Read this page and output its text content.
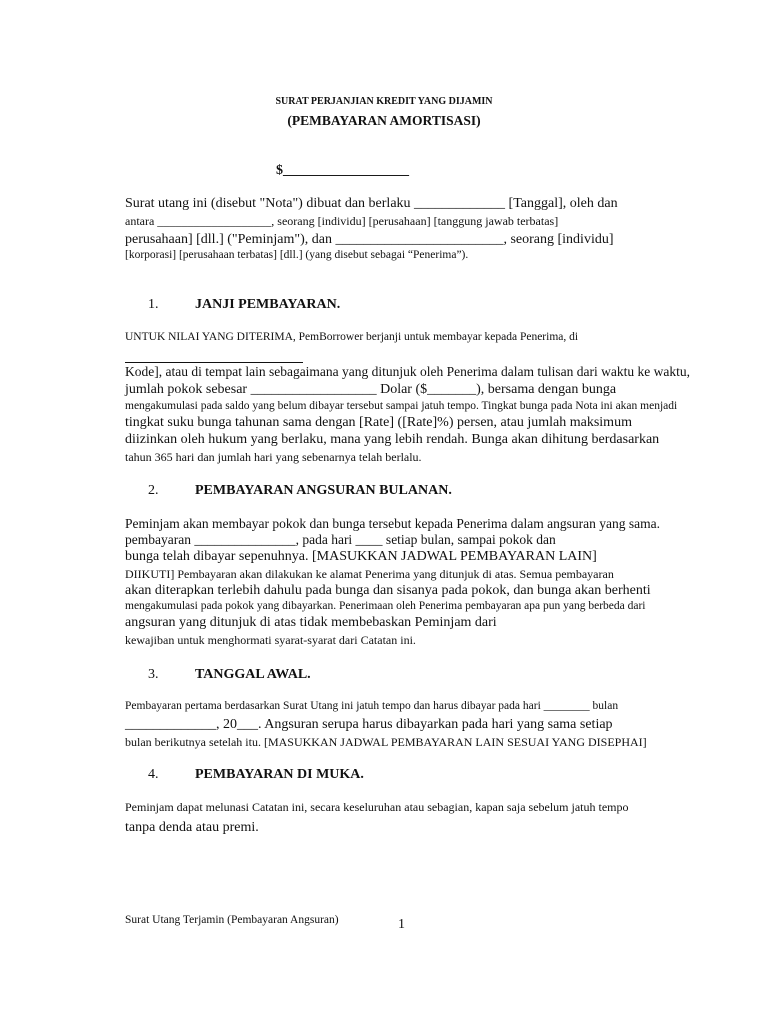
SURAT PERJANJIAN KREDIT YANG DIJAMIN
(PEMBAYARAN AMORTISASI)
$__________________
Surat utang ini (disebut "Nota") dibuat dan berlaku _____________ [Tanggal], oleh dan
antara ___________________, seorang [individu] [perusahaan] [tanggung jawab terbatas]
perusahaan] [dll.] ("Peminjam"), dan ________________________, seorang [individu]
[korporasi] [perusahaan terbatas] [dll.] (yang disebut sebagai “Penerima”).
1.	JANJI PEMBAYARAN.
UNTUK NILAI YANG DITERIMA, PemBorrower berjanji untuk membayar kepada Penerima, di
Kode], atau di tempat lain sebagaimana yang ditunjuk oleh Penerima dalam tulisan dari waktu ke waktu,
jumlah pokok sebesar __________________ Dolar ($_______), bersama dengan bunga
mengakumulasi pada saldo yang belum dibayar tersebut sampai jatuh tempo. Tingkat bunga pada Nota ini akan menjadi
tingkat suku bunga tahunan sama dengan [Rate] ([Rate]%) persen, atau jumlah maksimum
diizinkan oleh hukum yang berlaku, mana yang lebih rendah. Bunga akan dihitung berdasarkan
tahun 365 hari dan jumlah hari yang sebenarnya telah berlalu.
2.	PEMBAYARAN ANGSURAN BULANAN.
Peminjam akan membayar pokok dan bunga tersebut kepada Penerima dalam angsuran yang sama.
pembayaran _______________, pada hari ____ setiap bulan, sampai pokok dan
bunga telah dibayar sepenuhnya. [MASUKKAN JADWAL PEMBAYARAN LAIN]
DIIKUTI] Pembayaran akan dilakukan ke alamat Penerima yang ditunjuk di atas. Semua pembayaran
akan diterapkan terlebih dahulu pada bunga dan sisanya pada pokok, dan bunga akan berhenti
mengakumulasi pada pokok yang dibayarkan. Penerimaan oleh Penerima pembayaran apa pun yang berbeda dari
angsuran yang ditunjuk di atas tidak membebaskan Peminjam dari
kewajiban untuk menghormati syarat-syarat dari Catatan ini.
3.	TANGGAL AWAL.
Pembayaran pertama berdasarkan Surat Utang ini jatuh tempo dan harus dibayar pada hari ________ bulan
_____________, 20___. Angsuran serupa harus dibayarkan pada hari yang sama setiap
bulan berikutnya setelah itu. [MASUKKAN JADWAL PEMBAYARAN LAIN SESUAI YANG DISEPHAI]
4.	PEMBAYARAN DI MUKA.
Peminjam dapat melunasi Catatan ini, secara keseluruhan atau sebagian, kapan saja sebelum jatuh tempo
tanpa denda atau premi.
Surat Utang Terjamin (Pembayaran Angsuran)	1
